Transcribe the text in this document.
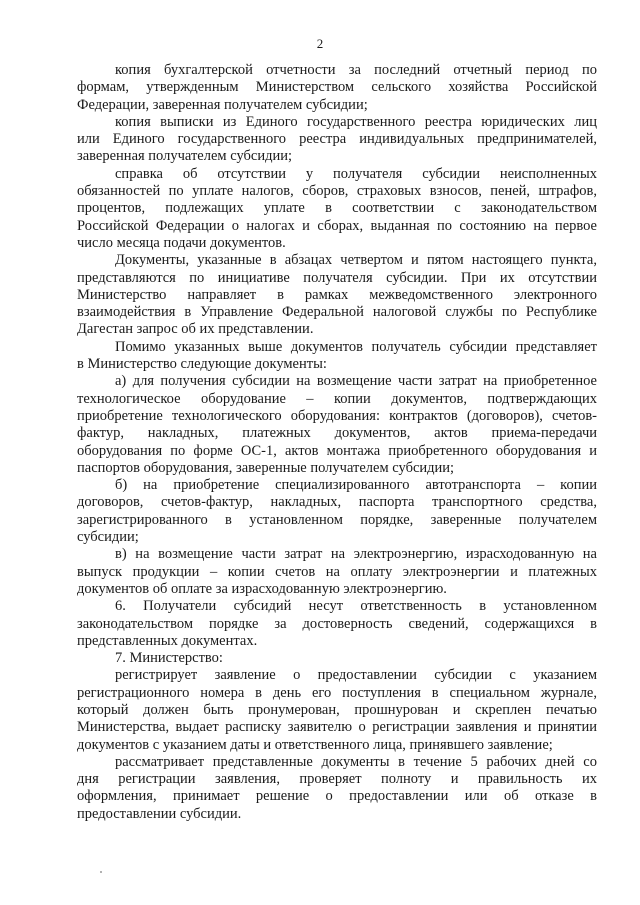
2

копия бухгалтерской отчетности за последний отчетный период по
формам, утвержденным Министерством сельского хозяйства Российской
Федерации, заверенная получателем субсидии;

копия выписки из Единого государственного реестра юридических лиц
или Единого государственного реестра индивидуальных предпринимателей,
заверенная получателем субсидии;

справка об отсутствии у получателя субсидии неисполненных
обязанностей по уплате налогов, сборов, страховых взносов, пеней, штрафов,
процентов, подлежащих уплате в соответствии с законодательством
Российской Федерации о налогах и сборах, выданная по состоянию на первое
число месяца подачи документов.

Документы, указанные в абзацах четвертом и пятом настоящего пункта,
представляются по инициативе получателя субсидии. При их отсутствии
Министерство направляет в рамках межведомственного электронного
взаимодействия в Управление Федеральной налоговой службы по Республике
Дагестан запрос об их представлении.

Помимо указанных выше документов получатель субсидии представляет
в Министерство следующие документы:

а) для получения субсидии на возмещение части затрат на приобретенное
технологическое оборудование – копии документов, подтверждающих
приобретение технологического оборудования: контрактов (договоров), счетов-
фактур, накладных, платежных документов, актов приема-передачи
оборудования по форме ОС-1, актов монтажа приобретенного оборудования и
паспортов оборудования, заверенные получателем субсидии;

б) на приобретение специализированного автотранспорта – копии
договоров, счетов-фактур, накладных, паспорта транспортного средства,
зарегистрированного в установленном порядке, заверенные получателем
субсидии;

в) на возмещение части затрат на электроэнергию, израсходованную на
выпуск продукции – копии счетов на оплату электроэнергии и платежных
документов об оплате за израсходованную электроэнергию.

6. Получатели субсидий несут ответственность в установленном
законодательством порядке за достоверность сведений, содержащихся в
представленных документах.

7. Министерство:

регистрирует заявление о предоставлении субсидии с указанием
регистрационного номера в день его поступления в специальном журнале,
который должен быть пронумерован, прошнурован и скреплен печатью
Министерства, выдает расписку заявителю о регистрации заявления и принятии
документов с указанием даты и ответственного лица, принявшего заявление;

рассматривает представленные документы в течение 5 рабочих дней со
дня регистрации заявления, проверяет полноту и правильность их
оформления, принимает решение о предоставлении или об отказе в
предоставлении субсидии.
